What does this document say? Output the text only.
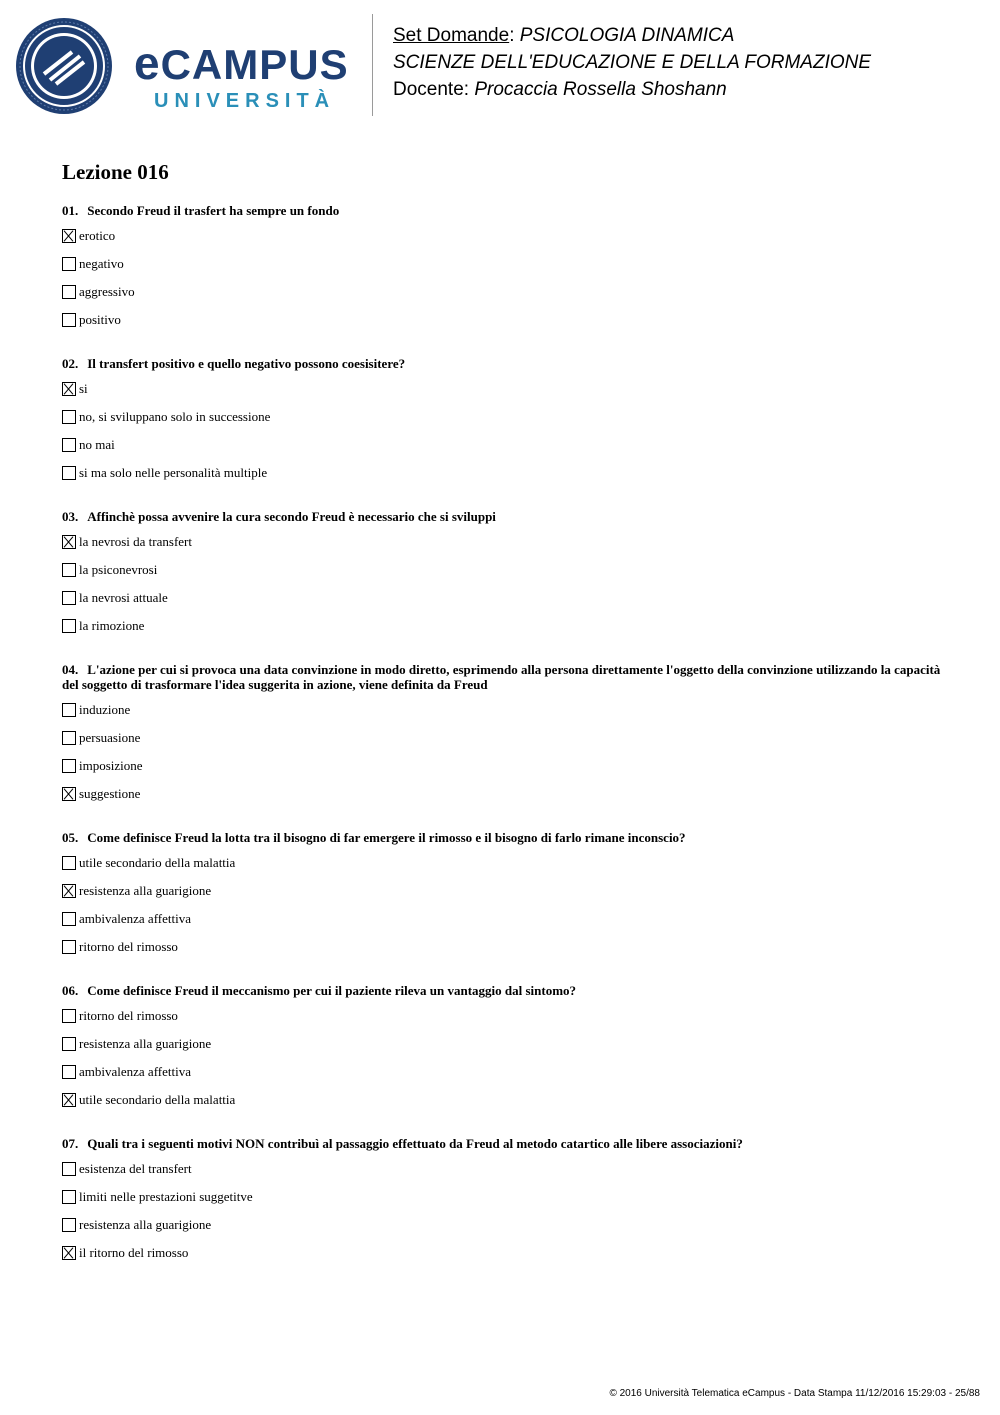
eCAMPUS
UNIVERSITÀ
Set Domande: PSICOLOGIA DINAMICA
SCIENZE DELL'EDUCAZIONE E DELLA FORMAZIONE
Docente: Procaccia Rossella Shoshann
Lezione 016
01. Secondo Freud il trasfert ha sempre un fondo
erotico
negativo
aggressivo
positivo
02. Il transfert positivo e quello negativo possono coesisitere?
si
no, si sviluppano solo in successione
no mai
si ma solo nelle personalità multiple
03. Affinchè possa avvenire la cura secondo Freud è necessario che si sviluppi
la nevrosi da transfert
la psiconevrosi
la nevrosi attuale
la rimozione
04. L'azione per cui si provoca una data convinzione in modo diretto, esprimendo alla persona direttamente l'oggetto della convinzione utilizzando la capacità del soggetto di trasformare l'idea suggerita in azione, viene definita da Freud
induzione
persuasione
imposizione
suggestione
05. Come definisce Freud la lotta tra il bisogno di far emergere il rimosso e il bisogno di farlo rimane inconscio?
utile secondario della malattia
resistenza alla guarigione
ambivalenza affettiva
ritorno del rimosso
06. Come definisce Freud il meccanismo per cui il paziente rileva un vantaggio dal sintomo?
ritorno del rimosso
resistenza alla guarigione
ambivalenza affettiva
utile secondario della malattia
07. Quali tra i seguenti motivi NON contribuì al passaggio effettuato da Freud al metodo catartico alle libere associazioni?
esistenza del transfert
limiti nelle prestazioni suggetitve
resistenza alla guarigione
il ritorno del rimosso
© 2016 Università Telematica eCampus - Data Stampa 11/12/2016 15:29:03 - 25/88
